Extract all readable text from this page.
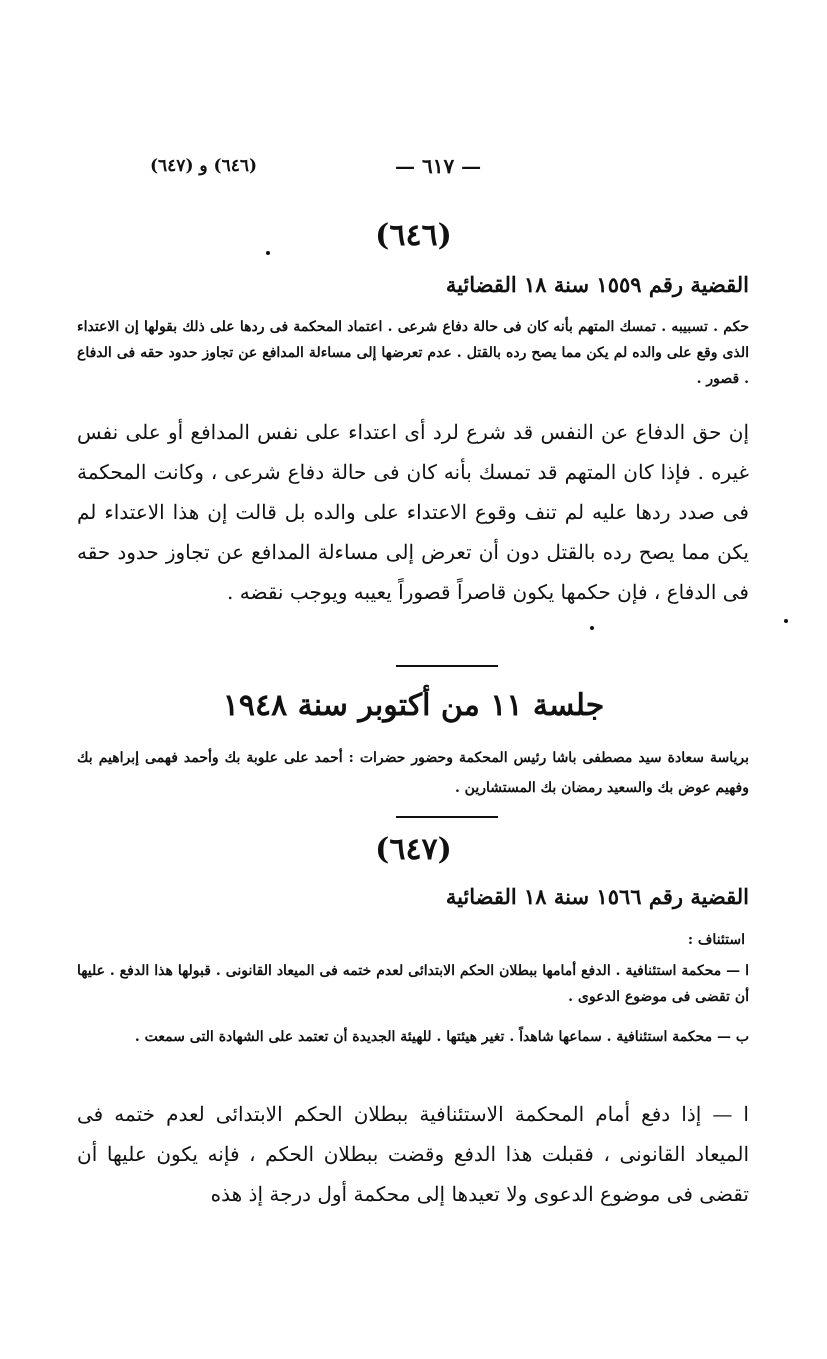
(٦٤٦) و (٦٤٧)	— ٦١٧ —
(٦٤٦)
القضية رقم ١٥٥٩ سنة ١٨ القضائية

حكم . تسبيبه . تمسك المتهم بأنه كان فى حالة دفاع شرعى . اعتماد المحكمة فى ردها على ذلك بقولها إن الاعتداء الذى وقع على والده لم يكن مما يصح رده بالقتل . عدم تعرضها إلى مساءلة المدافع عن تجاوز حدود حقه فى الدفاع . قصور .

إن حق الدفاع عن النفس قد شرع لرد أى اعتداء على نفس المدافع أو على نفس غيره . فإذا كان المتهم قد تمسك بأنه كان فى حالة دفاع شرعى ، وكانت المحكمة فى صدد ردها عليه لم تنف وقوع الاعتداء على والده بل قالت إن هذا الاعتداء لم يكن مما يصح رده بالقتل دون أن تعرض إلى مساءلة المدافع عن تجاوز حدود حقه فى الدفاع ، فإن حكمها يكون قاصراً قصوراً يعيبه ويوجب نقضه .

جلسة ١١ من أكتوبر سنة ١٩٤٨

برياسة سعادة سيد مصطفى باشا رئيس المحكمة وحضور حضرات : أحمد على علوبة بك وأحمد فهمى إبراهيم بك وفهيم عوض بك والسعيد رمضان بك المستشارين .

(٦٤٧)
القضية رقم ١٥٦٦ سنة ١٨ القضائية
استئناف :

ا — محكمة استئنافية . الدفع أمامها ببطلان الحكم الابتدائى لعدم ختمه فى الميعاد القانونى . قبولها هذا الدفع . عليها أن تقضى فى موضوع الدعوى .

ب — محكمة استئنافية . سماعها شاهداً . تغير هيئتها . للهيئة الجديدة أن تعتمد على الشهادة التى سمعت .

ا — إذا دفع أمام المحكمة الاستئنافية ببطلان الحكم الابتدائى لعدم ختمه فى الميعاد القانونى ، فقبلت هذا الدفع وقضت ببطلان الحكم ، فإنه يكون عليها أن تقضى فى موضوع الدعوى ولا تعيدها إلى محكمة أول درجة إذ هذه
